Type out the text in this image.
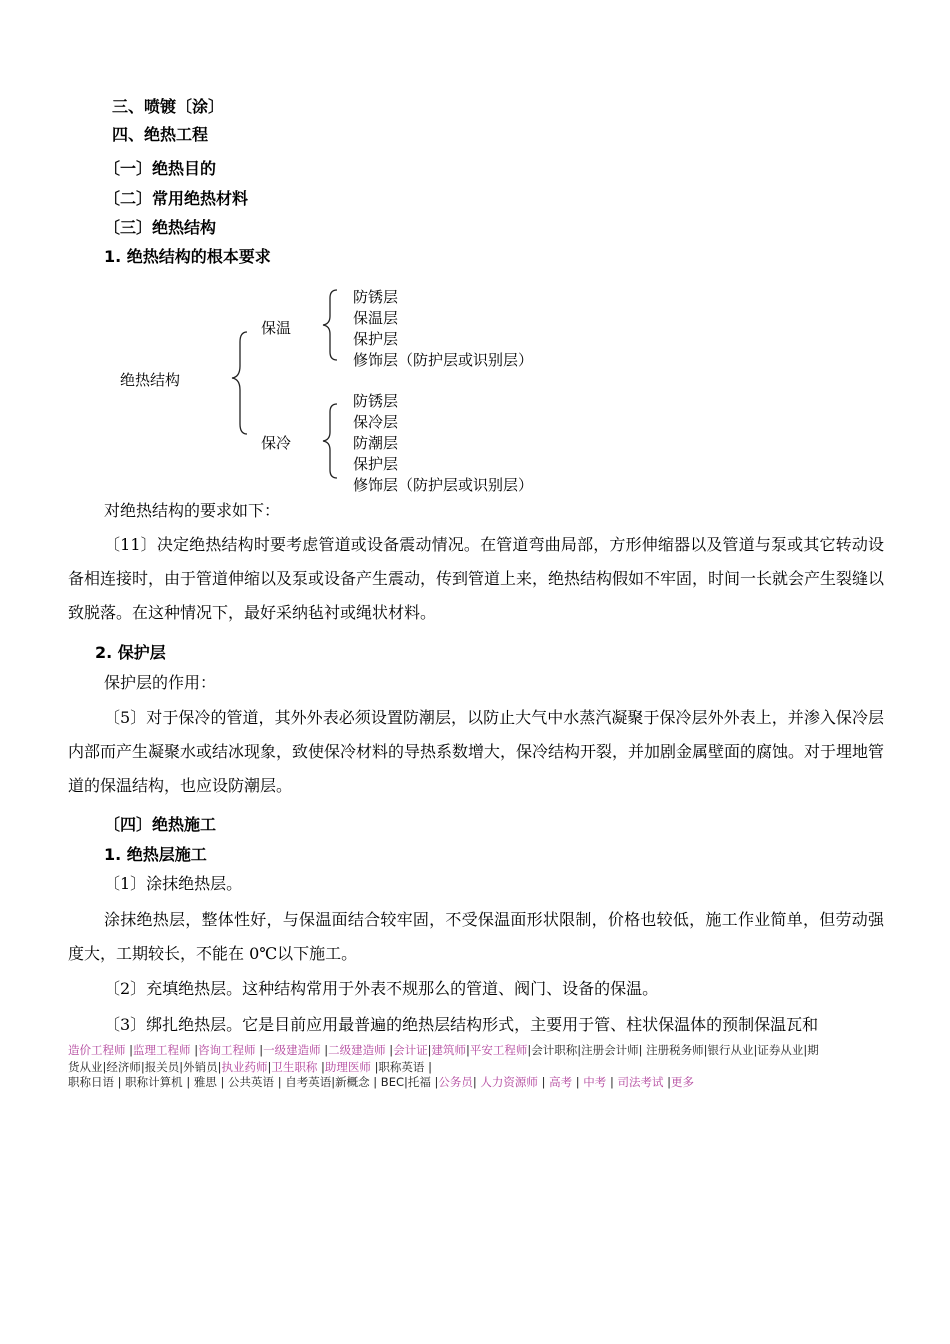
三、喷镀〔涂〕
四、绝热工程
〔一〕绝热目的
〔二〕常用绝热材料
〔三〕绝热结构
1. 绝热结构的根本要求
绝热结构
保温
保冷
防锈层
保温层
保护层
修饰层（防护层或识别层）
防锈层
保冷层
防潮层
保护层
修饰层（防护层或识别层）
对绝热结构的要求如下：
〔11〕决定绝热结构时要考虑管道或设备震动情况。在管道弯曲局部，方形伸缩器以及管道与泵或其它转动设备相连接时，由于管道伸缩以及泵或设备产生震动，传到管道上来，绝热结构假如不牢固，时间一长就会产生裂缝以致脱落。在这种情况下，最好采纳毡衬或绳状材料。
2. 保护层
保护层的作用：
〔5〕对于保冷的管道，其外外表必须设置防潮层，以防止大气中水蒸汽凝聚于保冷层外外表上，并渗入保冷层内部而产生凝聚水或结冰现象，致使保冷材料的导热系数增大，保冷结构开裂，并加剧金属壁面的腐蚀。对于埋地管道的保温结构，也应设防潮层。
〔四〕绝热施工
1. 绝热层施工
〔1〕涂抹绝热层。
涂抹绝热层，整体性好，与保温面结合较牢固，不受保温面形状限制，价格也较低，施工作业简单，但劳动强度大，工期较长，不能在 0℃以下施工。
〔2〕充填绝热层。这种结构常用于外表不规那么的管道、阀门、设备的保温。
〔3〕绑扎绝热层。它是目前应用最普遍的绝热层结构形式，主要用于管、柱状保温体的预制保温瓦和
造价工程师 |监理工程师 |咨询工程师 |一级建造师 |二级建造师 |会计证|建筑师|平安工程师|会计职称|注册会计师| 注册税务师|银行从业|证券从业|期货从业|经济师|报关员|外销员|执业药师|卫生职称 |助理医师 |职称英语 |
职称日语 | 职称计算机 | 雅思 | 公共英语 | 自考英语|新概念 | BEC|托福 |公务员| 人力资源师 | 高考 | 中考 | 司法考试 |更多
